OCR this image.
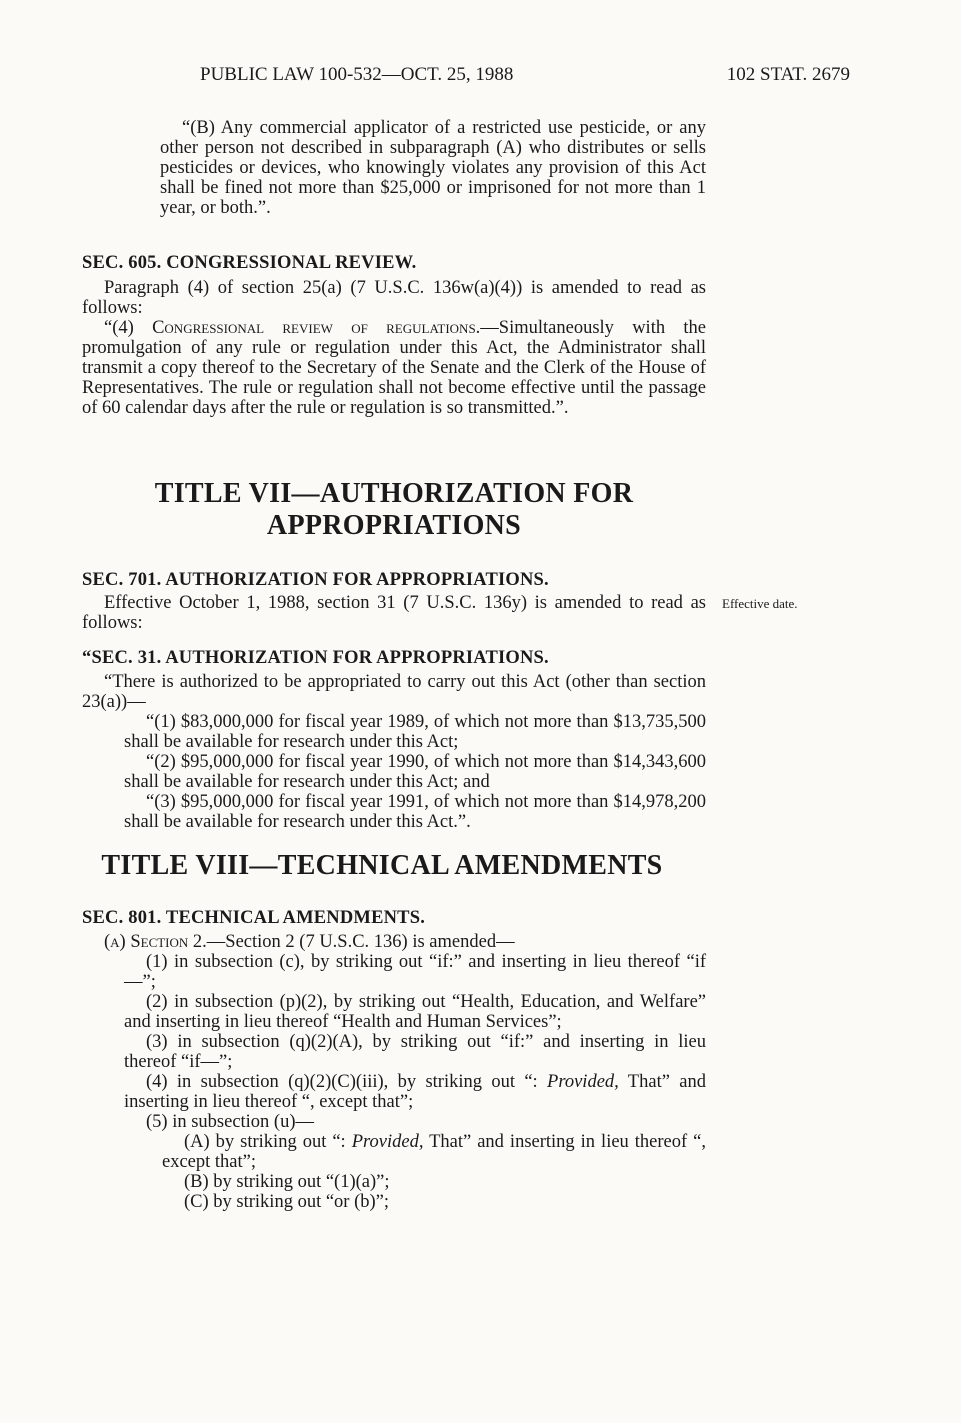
PUBLIC LAW 100-532—OCT. 25, 1988	102 STAT. 2679

“(B) Any commercial applicator of a restricted use pesticide, or any other person not described in subparagraph (A) who distributes or sells pesticides or devices, who knowingly violates any provision of this Act shall be fined not more than $25,000 or imprisoned for not more than 1 year, or both.”.

SEC. 605. CONGRESSIONAL REVIEW.

Paragraph (4) of section 25(a) (7 U.S.C. 136w(a)(4)) is amended to read as follows:

“(4) Congressional review of regulations.—Simultaneously with the promulgation of any rule or regulation under this Act, the Administrator shall transmit a copy thereof to the Secretary of the Senate and the Clerk of the House of Representatives. The rule or regulation shall not become effective until the passage of 60 calendar days after the rule or regulation is so transmitted.”.

TITLE VII—AUTHORIZATION FOR
APPROPRIATIONS
SEC. 701. AUTHORIZATION FOR APPROPRIATIONS.

Effective October 1, 1988, section 31 (7 U.S.C. 136y) is amended to read as follows:

Effective date.
“SEC. 31. AUTHORIZATION FOR APPROPRIATIONS.

“There is authorized to be appropriated to carry out this Act (other than section 23(a))—

“(1) $83,000,000 for fiscal year 1989, of which not more than $13,735,500 shall be available for research under this Act;

“(2) $95,000,000 for fiscal year 1990, of which not more than $14,343,600 shall be available for research under this Act; and

“(3) $95,000,000 for fiscal year 1991, of which not more than $14,978,200 shall be available for research under this Act.”.

TITLE VIII—TECHNICAL AMENDMENTS
SEC. 801. TECHNICAL AMENDMENTS.

(a) Section 2.—Section 2 (7 U.S.C. 136) is amended—

(1) in subsection (c), by striking out “if:” and inserting in lieu thereof “if—”;

(2) in subsection (p)(2), by striking out “Health, Education, and Welfare” and inserting in lieu thereof “Health and Human Services”;

(3) in subsection (q)(2)(A), by striking out “if:” and inserting in lieu thereof “if—”;

(4) in subsection (q)(2)(C)(iii), by striking out “: Provided, That” and inserting in lieu thereof “, except that”;

(5) in subsection (u)—

(A) by striking out “: Provided, That” and inserting in lieu thereof “, except that”;

(B) by striking out “(1)(a)”;

(C) by striking out “or (b)”;
